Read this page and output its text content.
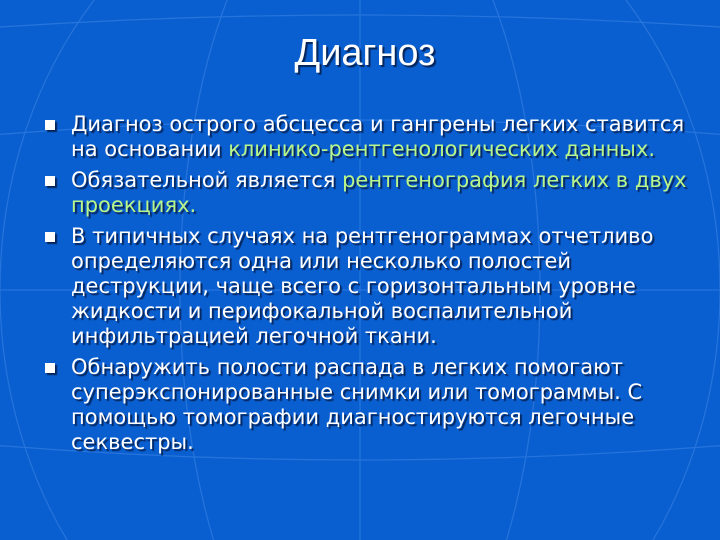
Диагноз
Диагноз острого абсцесса и гангрены легких ставится на основании клинико-рентгенологических данных.
Обязательной является рентгенография легких в двух проекциях.
В типичных случаях на рентгенограммах отчетливо определяются одна или несколько полостей деструкции, чаще всего с горизонтальным уровне жидкости и перифокальной воспалительной инфильтрацией легочной ткани.
Обнаружить полости распада в легких помогают суперэкспонированные снимки или томограммы. С помощью томографии диагностируются легочные секвестры.
